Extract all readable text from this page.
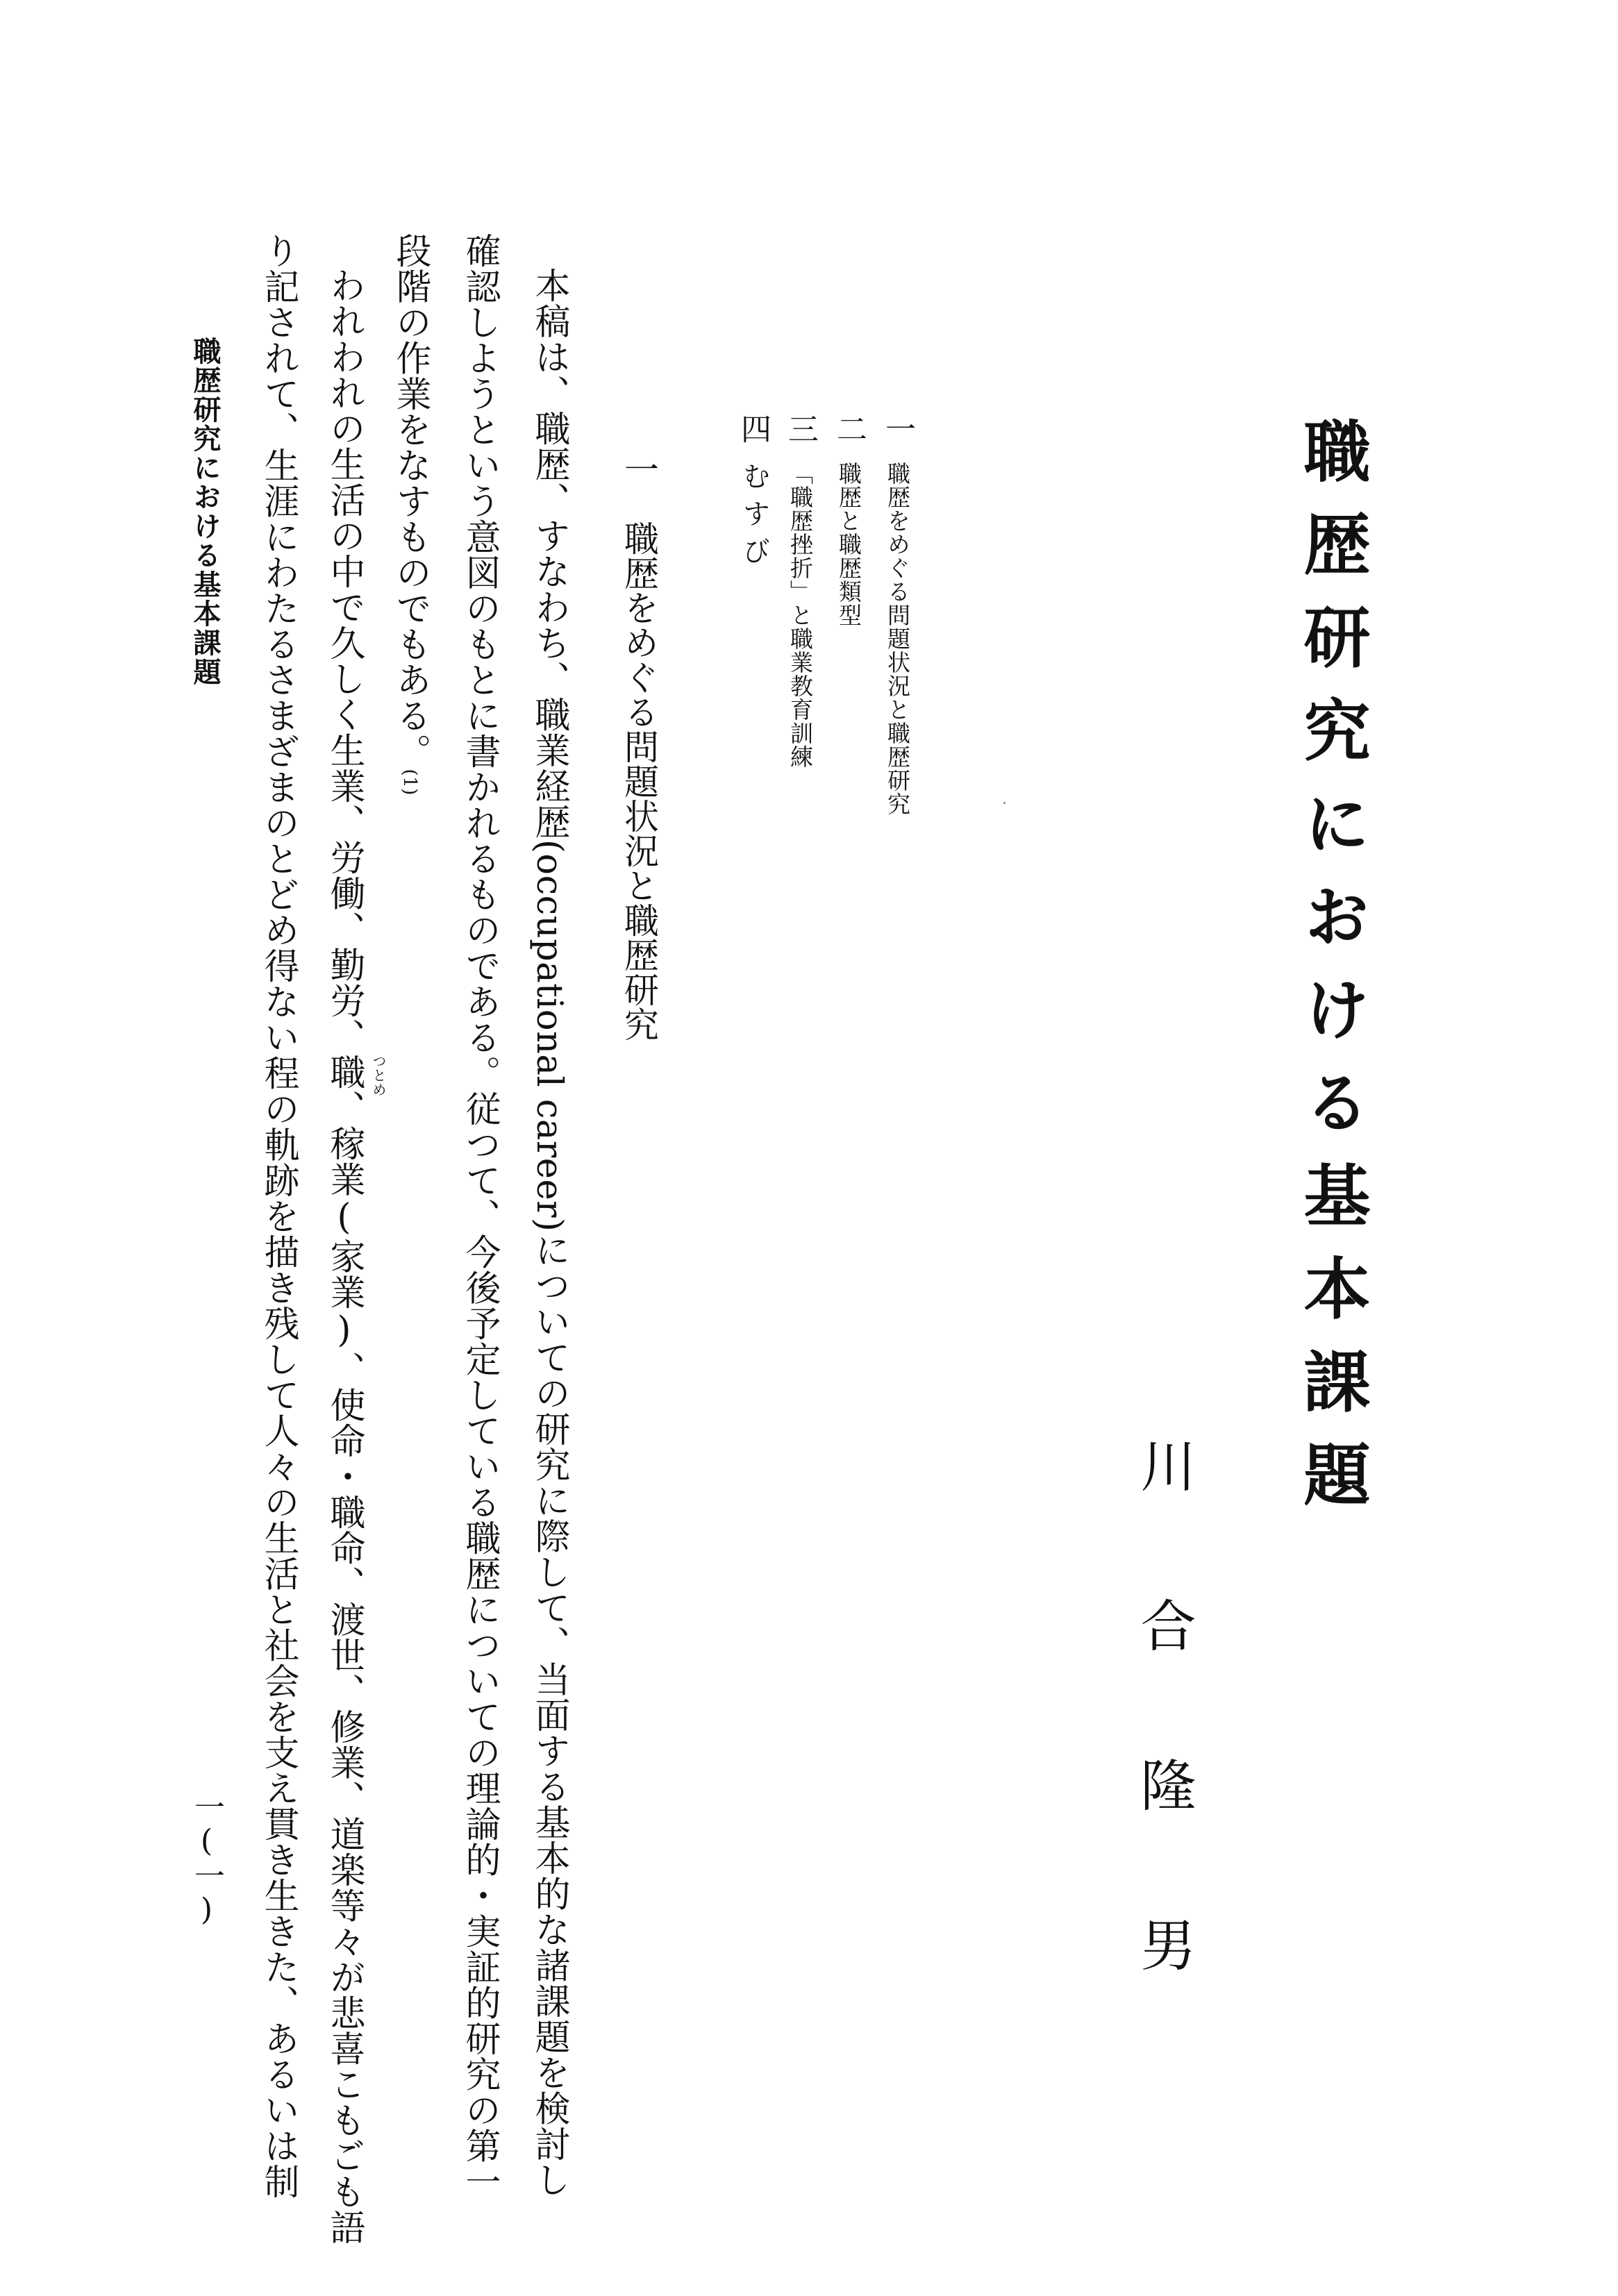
職歴研究における基本課題
川合隆男
一
職歴をめぐる問題状況と職歴研究
二
職歴と職歴類型
三
「職歴挫折」と職業教育訓練
四
むすび
一職歴をめぐる問題状況と職歴研究
本稿は、職歴、すなわち、職業経歴(occupational career)についての研究に際して、当面する基本的な諸課題を検討し
確認しようという意図のもとに書かれるものである。従つて、今後予定している職歴についての理論的・実証的研究の第一
段階の作業をなすものでもある。(1)
われわれの生活の中で久しく生業、労働、勤労、職 つとめ
、稼業(家業)、使命・職命、渡世、修業、道楽等々が悲喜こもごも語
り記されて、生涯にわたるさまざまのとどめ得ない程の軌跡を描き残して人々の生活と社会を支え貫き生きた、あるいは制
職歴研究における基本課題
一(一)
